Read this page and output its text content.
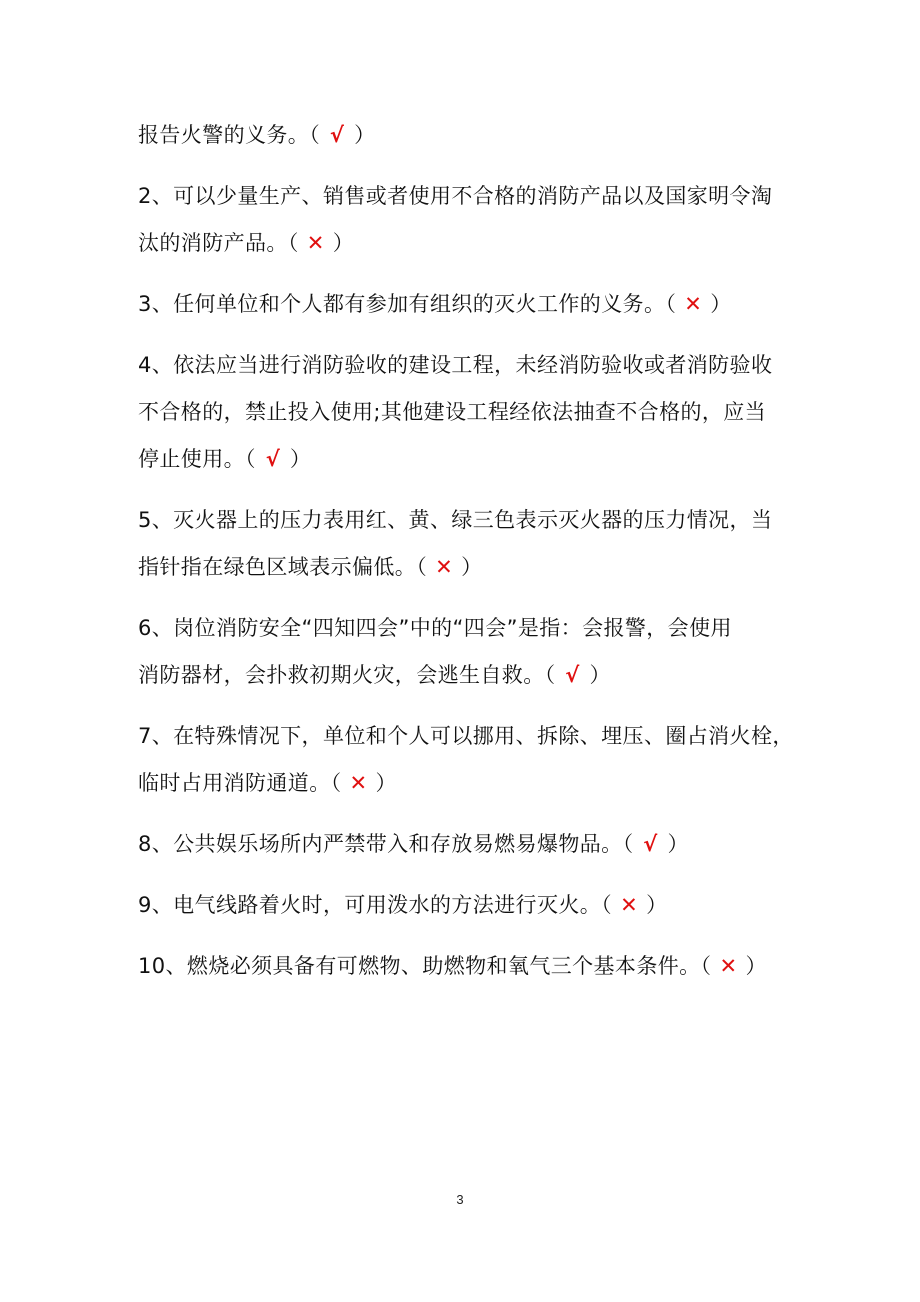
报告火警的义务。（ √ ）
2、可以少量生产、销售或者使用不合格的消防产品以及国家明令淘
汰的消防产品。（ ✕ ）
3、任何单位和个人都有参加有组织的灭火工作的义务。（ ✕ ）
4、依法应当进行消防验收的建设工程，未经消防验收或者消防验收
不合格的，禁止投入使用;其他建设工程经依法抽查不合格的，应当
停止使用。（ √ ）
5、灭火器上的压力表用红、黄、绿三色表示灭火器的压力情况，当
指针指在绿色区域表示偏低。（ ✕ ）
6、岗位消防安全“四知四会”中的“四会”是指：会报警，会使用
消防器材，会扑救初期火灾，会逃生自救。（ √ ）
7、在特殊情况下，单位和个人可以挪用、拆除、埋压、圈占消火栓，
临时占用消防通道。（ ✕ ）
8、公共娱乐场所内严禁带入和存放易燃易爆物品。（ √ ）
9、电气线路着火时，可用泼水的方法进行灭火。（ ✕ ）
10、燃烧必须具备有可燃物、助燃物和氧气三个基本条件。（ ✕ ）
3
